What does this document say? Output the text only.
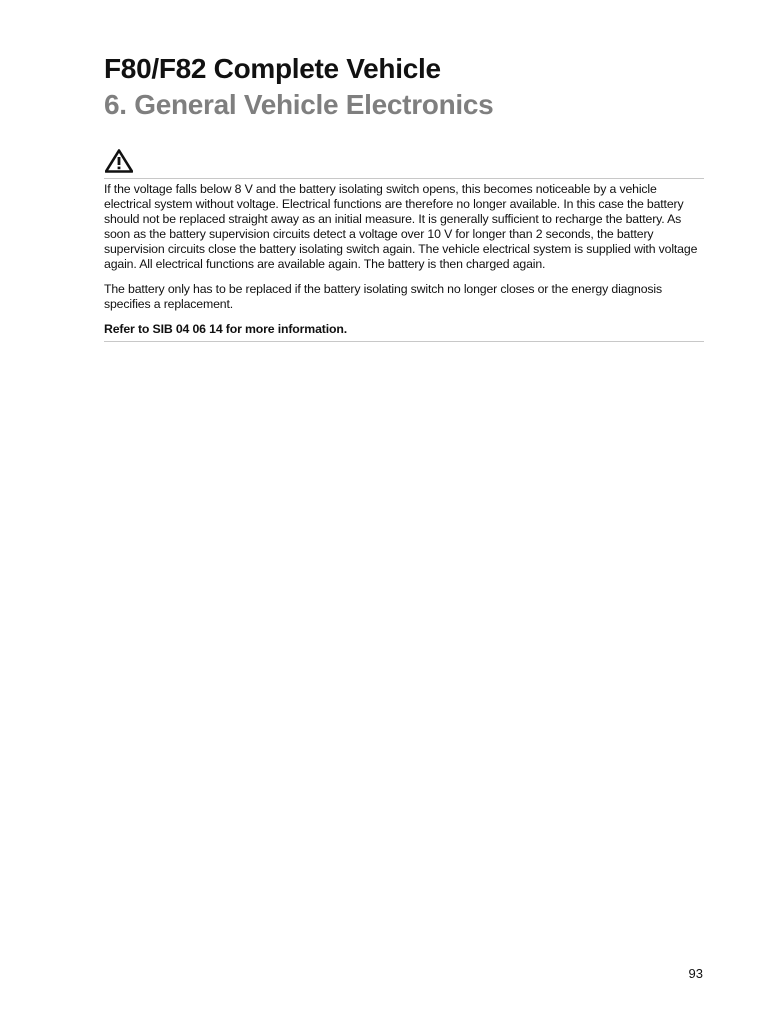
F80/F82 Complete Vehicle
6. General Vehicle Electronics

If the voltage falls below 8 V and the battery isolating switch opens, this becomes noticeable by a vehicle electrical system without voltage. Electrical functions are therefore no longer available. In this case the battery should not be replaced straight away as an initial measure. It is generally sufficient to recharge the battery. As soon as the battery supervision circuits detect a voltage over 10 V for longer than 2 seconds, the battery supervision circuits close the battery isolating switch again. The vehicle electrical system is supplied with voltage again. All electrical functions are available again. The battery is then charged again.

The battery only has to be replaced if the battery isolating switch no longer closes or the energy diagnosis specifies a replacement.

Refer to SIB 04 06 14 for more information.

93
